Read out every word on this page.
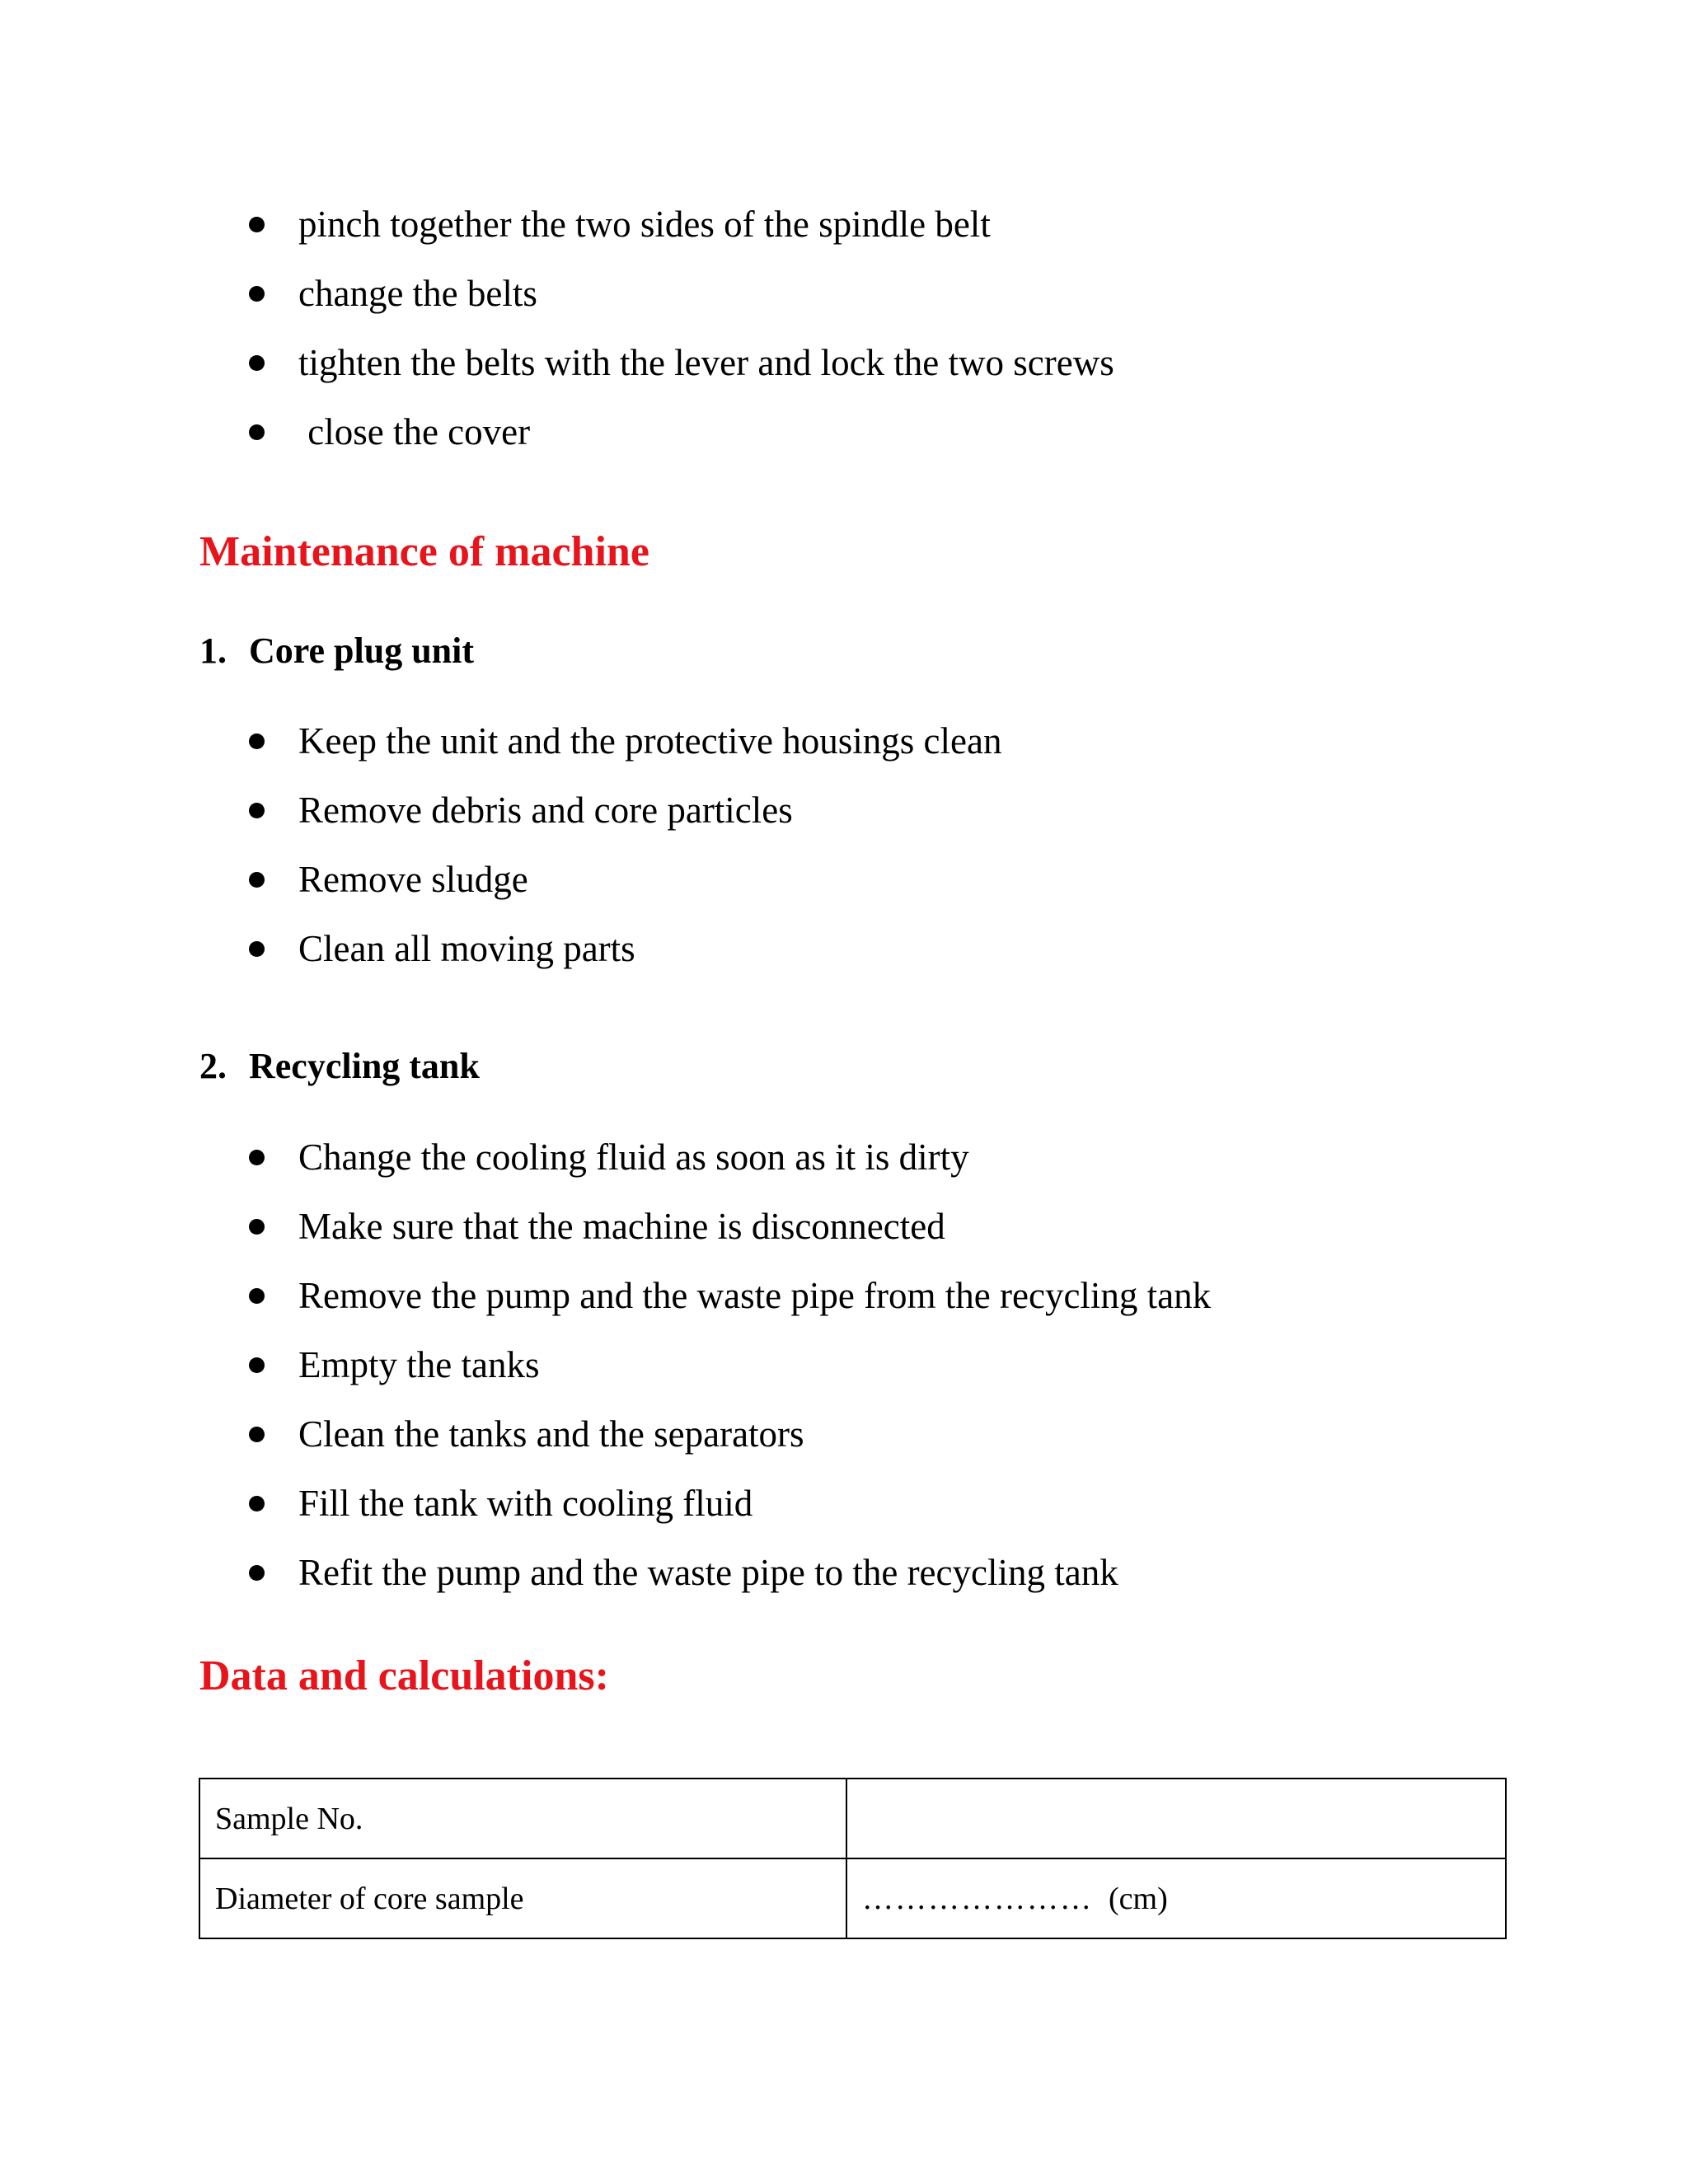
pinch together the two sides of the spindle belt
change the belts
tighten the belts with the lever and lock the two screws
close the cover
Maintenance of machine
1. Core plug unit
Keep the unit and the protective housings clean
Remove debris and core particles
Remove sludge
Clean all moving parts
2. Recycling tank
Change the cooling fluid as soon as it is dirty
Make sure that the machine is disconnected
Remove the pump and the waste pipe from the recycling tank
Empty the tanks
Clean the tanks and the separators
Fill the tank with cooling fluid
Refit the pump and the waste pipe to the recycling tank
Data and calculations:
Sample No.	
Diameter of core sample	………………… (cm)
